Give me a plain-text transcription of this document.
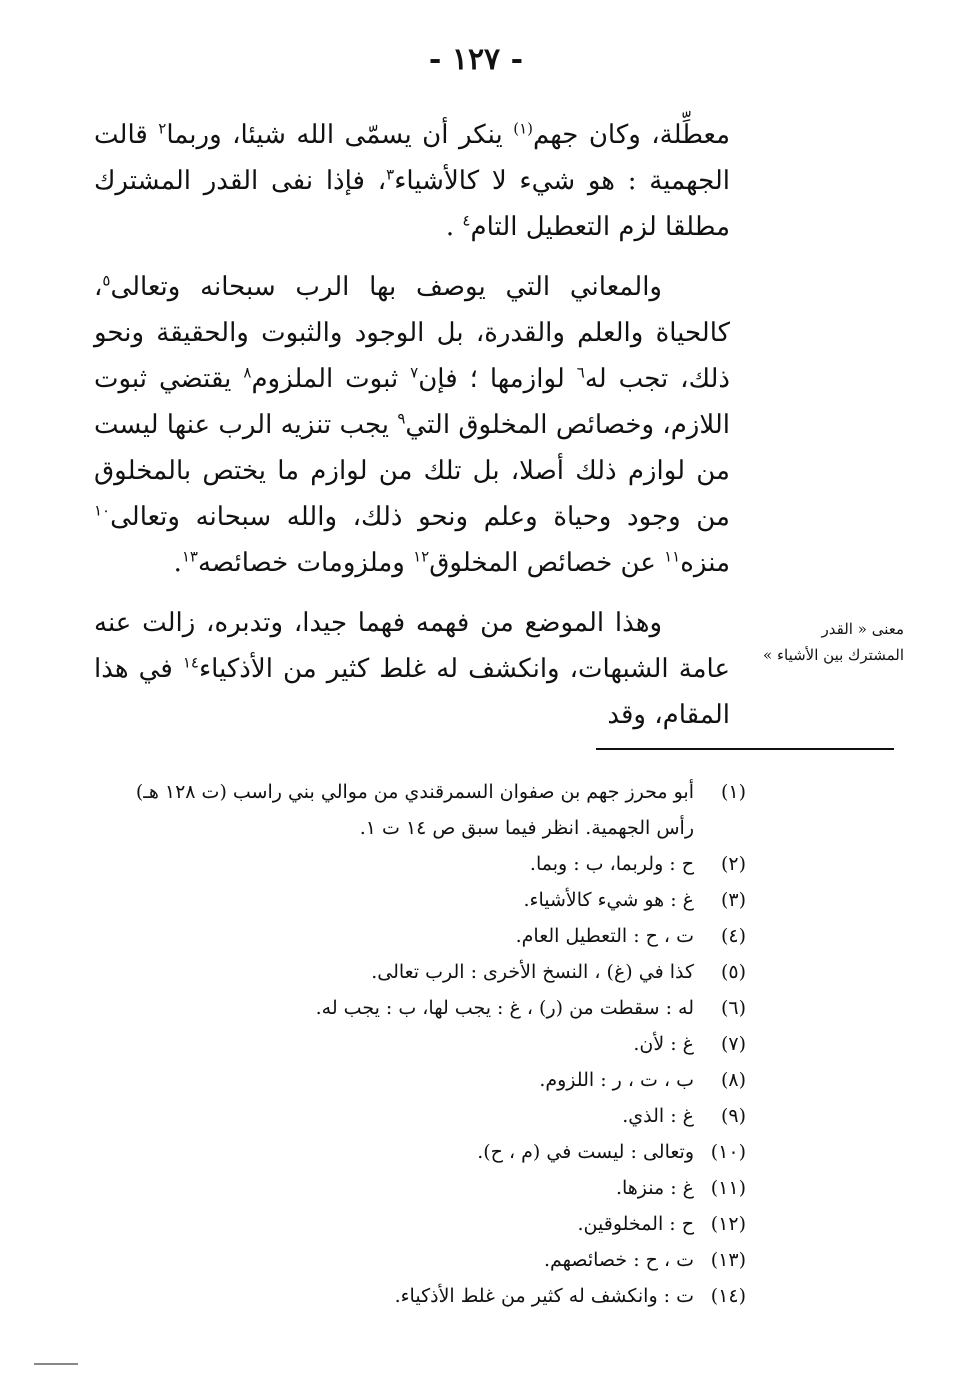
- ١٢٧ -

معطِّلة، وكان جهم$^{(١)}$ ينكر أن يسمّى الله شيئا، وربما$^٢$ قالت الجهمية : هو شيء لا كالأشياء$^٣$، فإذا نفى القدر المشترك مطلقا لزم التعطيل التام$^٤$ .

والمعاني التي يوصف بها الرب سبحانه وتعالى$^٥$، كالحياة والعلم والقدرة، بل الوجود والثبوت والحقيقة ونحو ذلك، تجب له$^٦$ لوازمها ؛ فإن$^٧$ ثبوت الملزوم$^٨$ يقتضي ثبوت اللازم، وخصائص المخلوق التي$^٩$ يجب تنزيه الرب عنها ليست من لوازم ذلك أصلا، بل تلك من لوازم ما يختص بالمخلوق من وجود وحياة وعلم ونحو ذلك، والله سبحانه وتعالى$^{١٠}$ منزه$^{١١}$ عن خصائص المخلوق$^{١٢}$ وملزومات خصائصه$^{١٣}$.

وهذا الموضع من فهمه فهما جيدا، وتدبره، زالت عنه عامة الشبهات، وانكشف له غلط كثير من الأذكياء$^{١٤}$ في هذا المقام، وقد

معنى « القدر
المشترك بين الأشياء »
(١)
أبو محرز جهم بن صفوان السمرقندي من موالي بني راسب (ت ١٢٨ هـ) رأس الجهمية. انظر فيما سبق ص ١٤ ت ١.
(٢)
ح : ولربما، ب : وبما.
(٣)
غ : هو شيء كالأشياء.
(٤)
ت ، ح : التعطيل العام.
(٥)
كذا في (غ) ، النسخ الأخرى : الرب تعالى.
(٦)
له : سقطت من (ر) ، غ : يجب لها، ب : يجب له.
(٧)
غ : لأن.
(٨)
ب ، ت ، ر : اللزوم.
(٩)
غ : الذي.
(١٠)
وتعالى : ليست في (م ، ح).
(١١)
غ : منزها.
(١٢)
ح : المخلوقين.
(١٣)
ت ، ح : خصائصهم.
(١٤)
ت : وانكشف له كثير من غلط الأذكياء.
